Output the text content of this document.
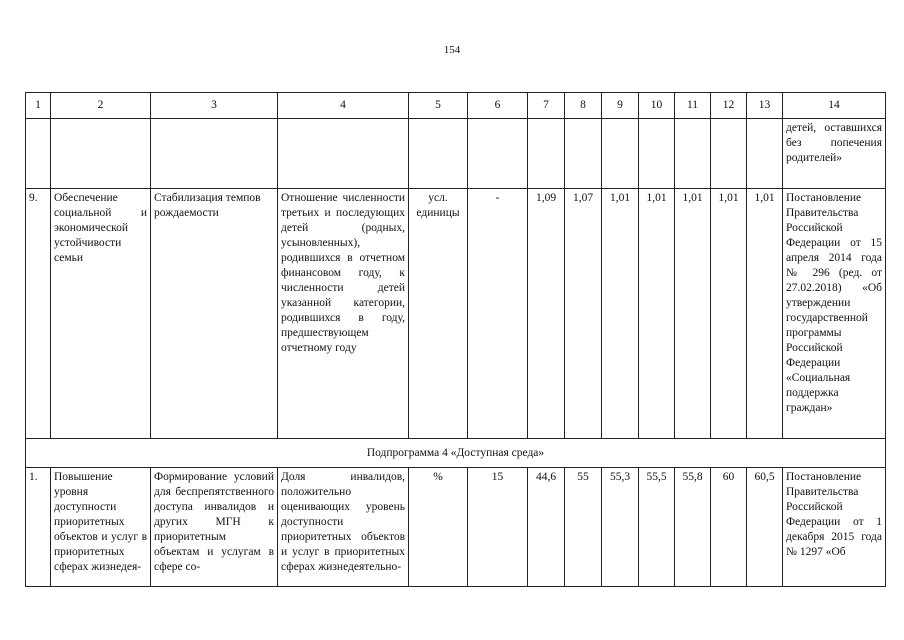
154
1	2	3	4	5	6	7	8	9	10	11	12	13	14
													детей, оставшихся без попечения родителей»
9.	Обеспечение социальной и экономической устойчивости семьи	Стабилизация темпов рождаемости	Отношение численности третьих и последующих детей (родных, усыновленных), родившихся в отчетном финансовом году, к численности детей указанной категории, родившихся в году, предшествующем отчетному году	усл. единицы	-	1,09	1,07	1,01	1,01	1,01	1,01	1,01	Постановление Правительства Российской Федерации от 15 апреля 2014 года № 296 (ред. от 27.02.2018) «Об утверждении государственной программы Российской Федерации «Социальная поддержка граждан»
Подпрограмма 4 «Доступная среда»													
1.	Повышение уровня доступности приоритетных объектов и услуг в приоритетных сферах жизнедея-	Формирование условий для беспрепятственного доступа инвалидов и других МГН к приоритетным объектам и услугам в сфере со-	Доля инвалидов, положительно оценивающих уровень доступности приоритетных объектов и услуг в приоритетных сферах жизнедеятельно-	%	15	44,6	55	55,3	55,5	55,8	60	60,5	Постановление Правительства Российской Федерации от 1 декабря 2015 года № 1297 «Об
